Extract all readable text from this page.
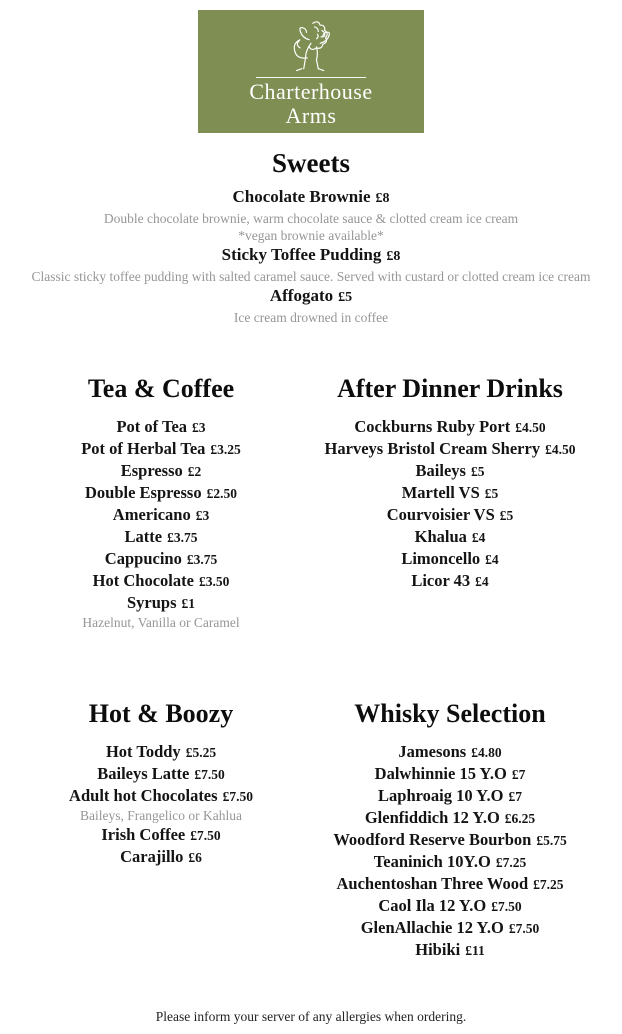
Charterhouse
Arms
Sweets
Chocolate Brownie £8
Double chocolate brownie, warm chocolate sauce & clotted cream ice cream
*vegan brownie available*
Sticky Toffee Pudding £8
Classic sticky toffee pudding with salted caramel sauce. Served with custard or clotted cream ice cream
Affogato £5
Ice cream drowned in coffee
Tea & Coffee
Pot of Tea £3
Pot of Herbal Tea £3.25
Espresso £2
Double Espresso £2.50
Americano £3
Latte £3.75
Cappucino £3.75
Hot Chocolate £3.50
Syrups £1
Hazelnut, Vanilla or Caramel
After Dinner Drinks
Cockburns Ruby Port £4.50
Harveys Bristol Cream Sherry £4.50
Baileys £5
Martell VS £5
Courvoisier VS £5
Khalua £4
Limoncello £4
Licor 43 £4
Hot & Boozy
Hot Toddy £5.25
Baileys Latte £7.50
Adult hot Chocolates £7.50
Baileys, Frangelico or Kahlua
Irish Coffee £7.50
Carajillo £6
Whisky Selection
Jamesons £4.80
Dalwhinnie 15 Y.O £7
Laphroaig 10 Y.O £7
Glenfiddich 12 Y.O £6.25
Woodford Reserve Bourbon £5.75
Teaninich 10Y.O £7.25
Auchentoshan Three Wood £7.25
Caol Ila 12 Y.O £7.50
GlenAllachie 12 Y.O £7.50
Hibiki £11
Please inform your server of any allergies when ordering.
